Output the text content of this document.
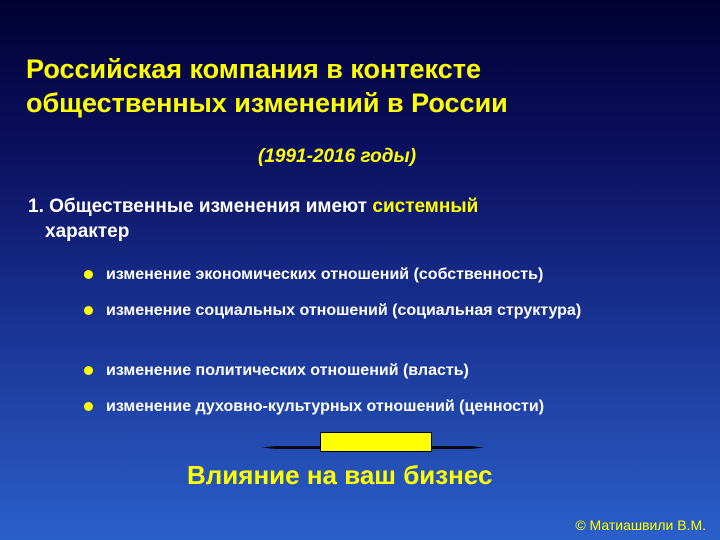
Российская компания в контексте
общественных изменений в России
(1991-2016 годы)
1. Общественные изменения имеют системный
характер
изменение экономических отношений (собственность)
изменение социальных отношений (социальная структура)
изменение политических отношений (власть)
изменение духовно-культурных отношений (ценности)
Влияние на ваш бизнес
© Матиашвили В.М.
